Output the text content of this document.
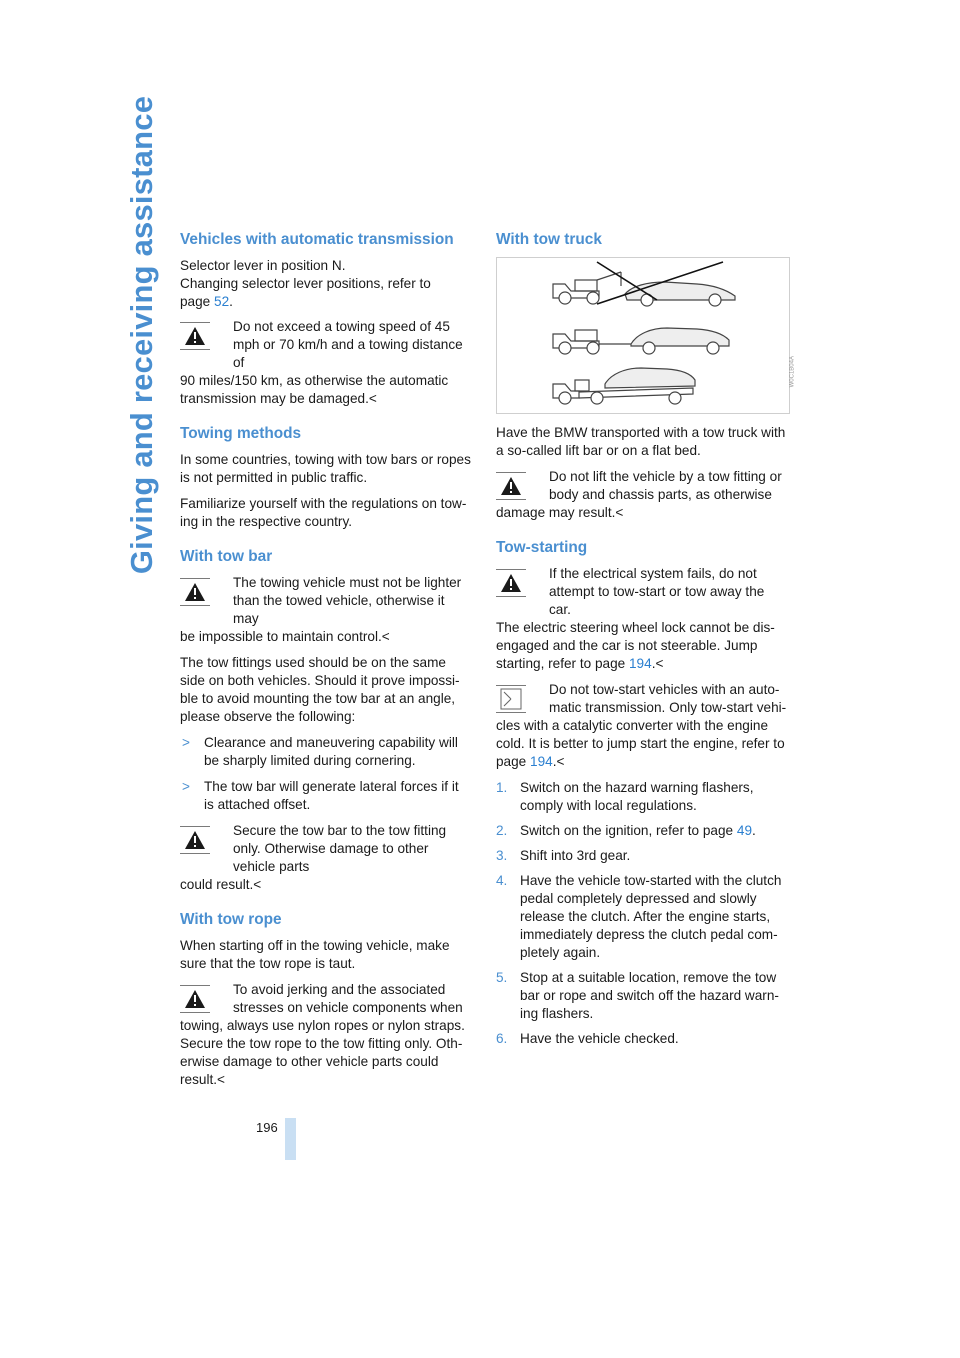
Giving and receiving assistance Vehicles with automatic transmission

Selector lever in position N.
Changing selector lever positions, refer to
page 52.

Do not exceed a towing speed of 45 mph or 70 km/h and a towing distance of
90 miles/150 km, as otherwise the automatic transmission may be damaged.<
Towing methods

In some countries, towing with tow bars or ropes is not permitted in public traffic.

Familiarize yourself with the regulations on tow-ing in the respective country.

With tow bar
The towing vehicle must not be lighter than the towed vehicle, otherwise it may
be impossible to maintain control.<

The tow fittings used should be on the same side on both vehicles. Should it prove impossi-ble to avoid mounting the tow bar at an angle, please observe the following:

> Clearance and maneuvering capability will be sharply limited during cornering.
> The tow bar will generate lateral forces if it is attached offset.
Secure the tow bar to the tow fitting only. Otherwise damage to other vehicle parts
could result.<
With tow rope

When starting off in the towing vehicle, make sure that the tow rope is taut.

To avoid jerking and the associated stresses on vehicle components when
towing, always use nylon ropes or nylon straps. Secure the tow rope to the tow fitting only. Oth-erwise damage to other vehicle parts could result.<
With tow truck
W0C1B04A

Have the BMW transported with a tow truck with a so-called lift bar or on a flat bed.

Do not lift the vehicle by a tow fitting or body and chassis parts, as otherwise
damage may result.<
Tow-starting
If the electrical system fails, do not attempt to tow-start or tow away the car.
The electric steering wheel lock cannot be dis-engaged and the car is not steerable. Jump starting, refer to page 194.<
Do not tow-start vehicles with an auto-matic transmission. Only tow-start vehi-
cles with a catalytic converter with the engine cold. It is better to jump start the engine, refer to page 194.<
1. Switch on the hazard warning flashers, comply with local regulations.
2. Switch on the ignition, refer to page 49.
3. Shift into 3rd gear.
4. Have the vehicle tow-started with the clutch pedal completely depressed and slowly release the clutch. After the engine starts, immediately depress the clutch pedal com-pletely again.
5. Stop at a suitable location, remove the tow bar or rope and switch off the hazard warn-ing flashers.
6. Have the vehicle checked.
196
